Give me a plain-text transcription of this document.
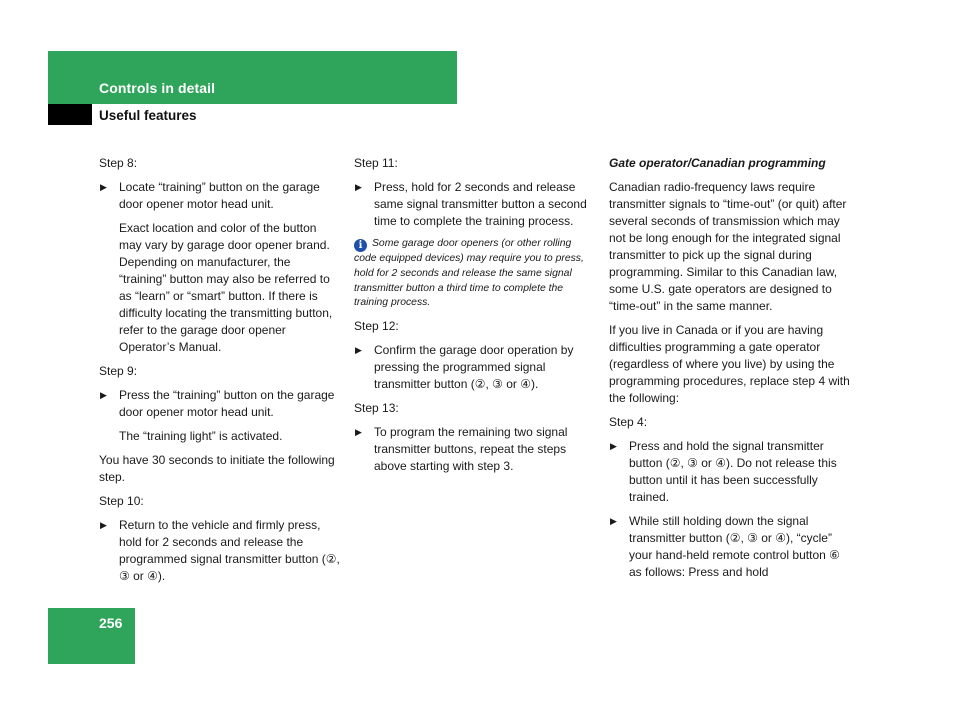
Controls in detail
Useful features

Step 8:

▶ Locate “training” button on the garage door opener motor head unit.

Exact location and color of the button may vary by garage door opener brand. Depending on manufacturer, the “training” button may also be referred to as “learn” or “smart” button. If there is difficulty locating the transmitting button, refer to the garage door opener Operator’s Manual.

Step 9:

▶ Press the “training” button on the garage door opener motor head unit.

The “training light” is activated.

You have 30 seconds to initiate the following step.

Step 10:

▶ Return to the vehicle and firmly press, hold for 2 seconds and release the programmed signal transmitter button (②, ③ or ④).

Step 11:

▶ Press, hold for 2 seconds and release same signal transmitter button a second time to complete the training process.

i Some garage door openers (or other rolling code equipped devices) may require you to press, hold for 2 seconds and release the same signal transmitter button a third time to complete the training process.

Step 12:

▶ Confirm the garage door operation by pressing the programmed signal transmitter button (②, ③ or ④).

Step 13:

▶ To program the remaining two signal transmitter buttons, repeat the steps above starting with step 3.

Gate operator/Canadian programming

Canadian radio-frequency laws require transmitter signals to “time-out” (or quit) after several seconds of transmission which may not be long enough for the integrated signal transmitter to pick up the signal during programming. Similar to this Canadian law, some U.S. gate operators are designed to “time-out” in the same manner.

If you live in Canada or if you are having difficulties programming a gate operator (regardless of where you live) by using the programming procedures, replace step 4 with the following:

Step 4:

▶ Press and hold the signal transmitter button (②, ③ or ④). Do not release this button until it has been successfully trained.
▶ While still holding down the signal transmitter button (②, ③ or ④), “cycle” your hand-held remote control button ⑥ as follows: Press and hold
256
